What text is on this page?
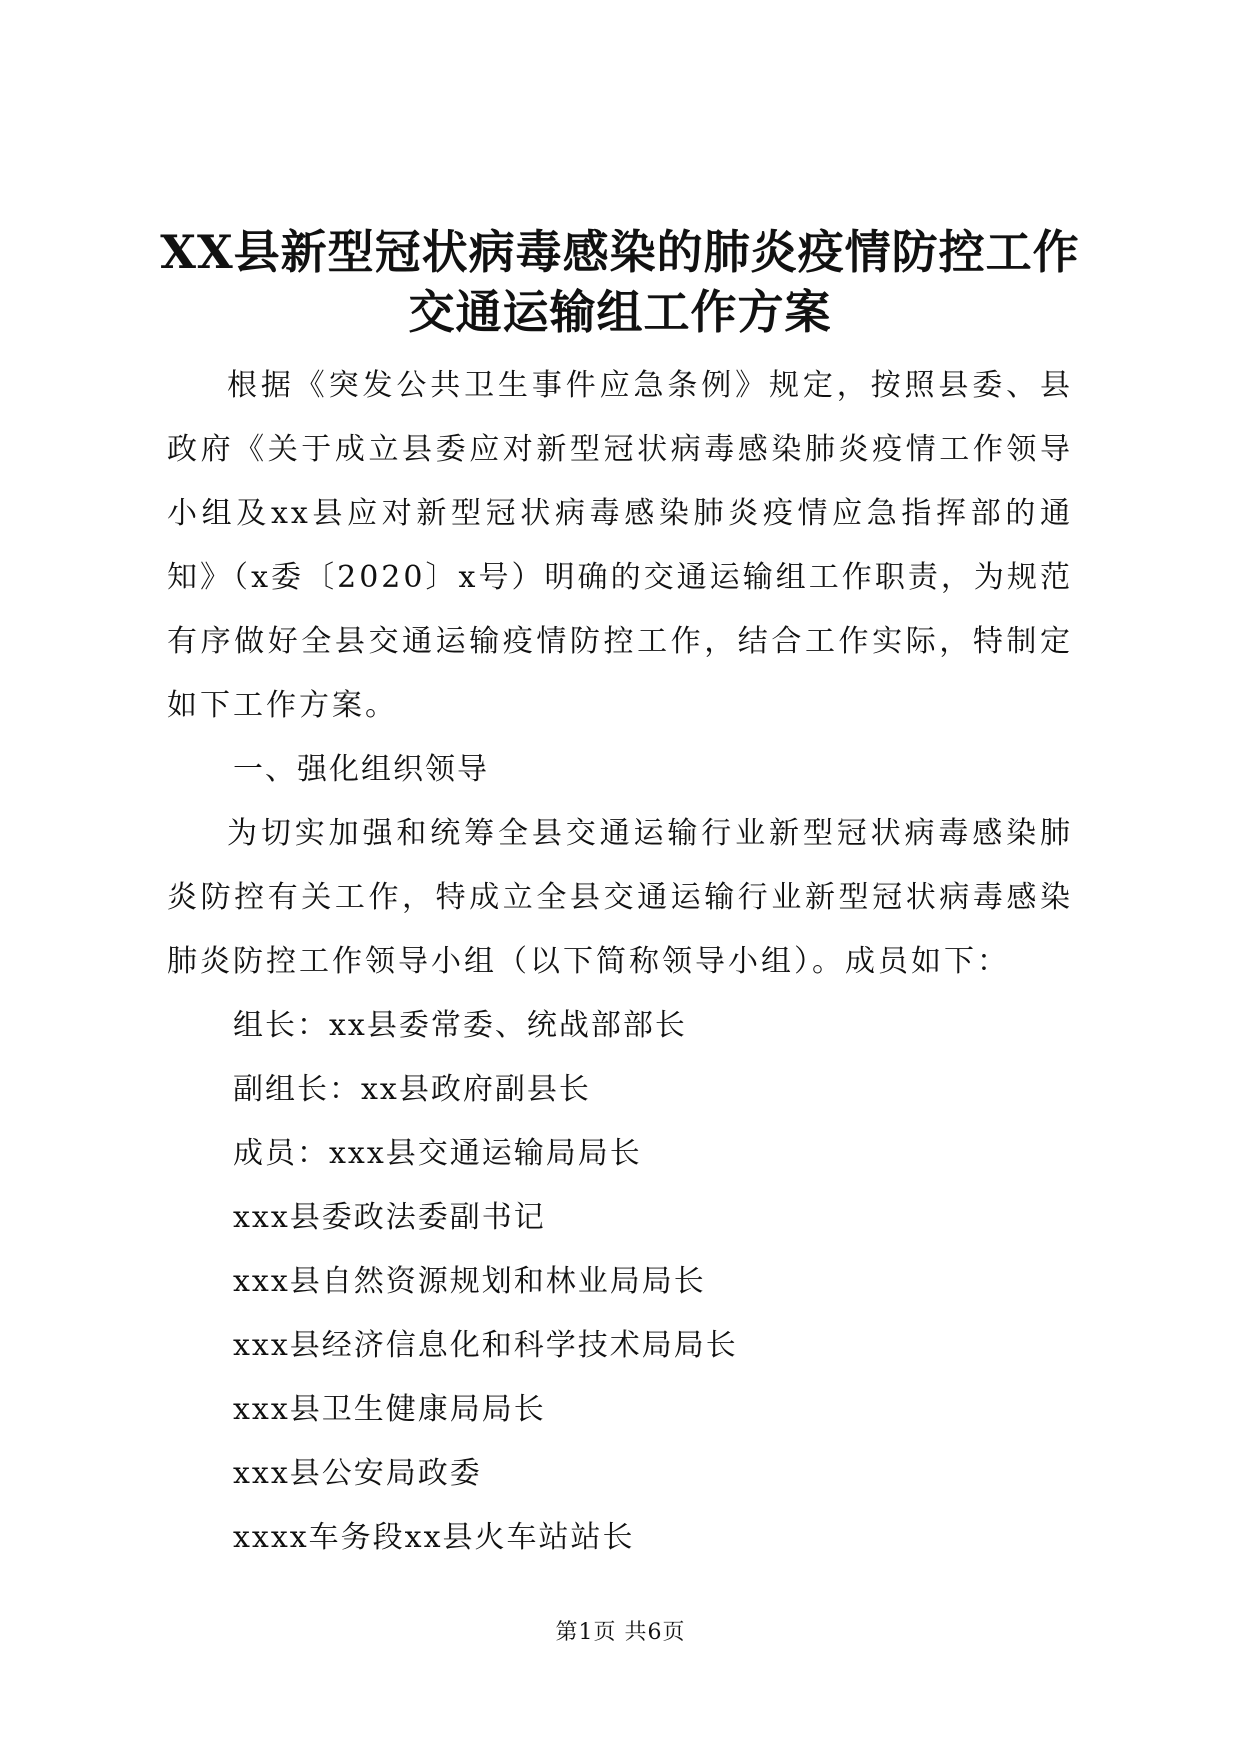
XX县新型冠状病毒感染的肺炎疫情防控工作
交通运输组工作方案

根据《突发公共卫生事件应急条例》规定，按照县委、县政府《关于成立县委应对新型冠状病毒感染肺炎疫情工作领导小组及xx县应对新型冠状病毒感染肺炎疫情应急指挥部的通知》（x委〔2020〕x号）明确的交通运输组工作职责，为规范有序做好全县交通运输疫情防控工作，结合工作实际，特制定如下工作方案。

一、强化组织领导

为切实加强和统筹全县交通运输行业新型冠状病毒感染肺炎防控有关工作，特成立全县交通运输行业新型冠状病毒感染肺炎防控工作领导小组（以下简称领导小组）。成员如下：

组长：xx县委常委、统战部部长

副组长：xx县政府副县长

成员：xxx县交通运输局局长

xxx县委政法委副书记

xxx县自然资源规划和林业局局长

xxx县经济信息化和科学技术局局长

xxx县卫生健康局局长

xxx县公安局政委

xxxx车务段xx县火车站站长

第1页 共6页
